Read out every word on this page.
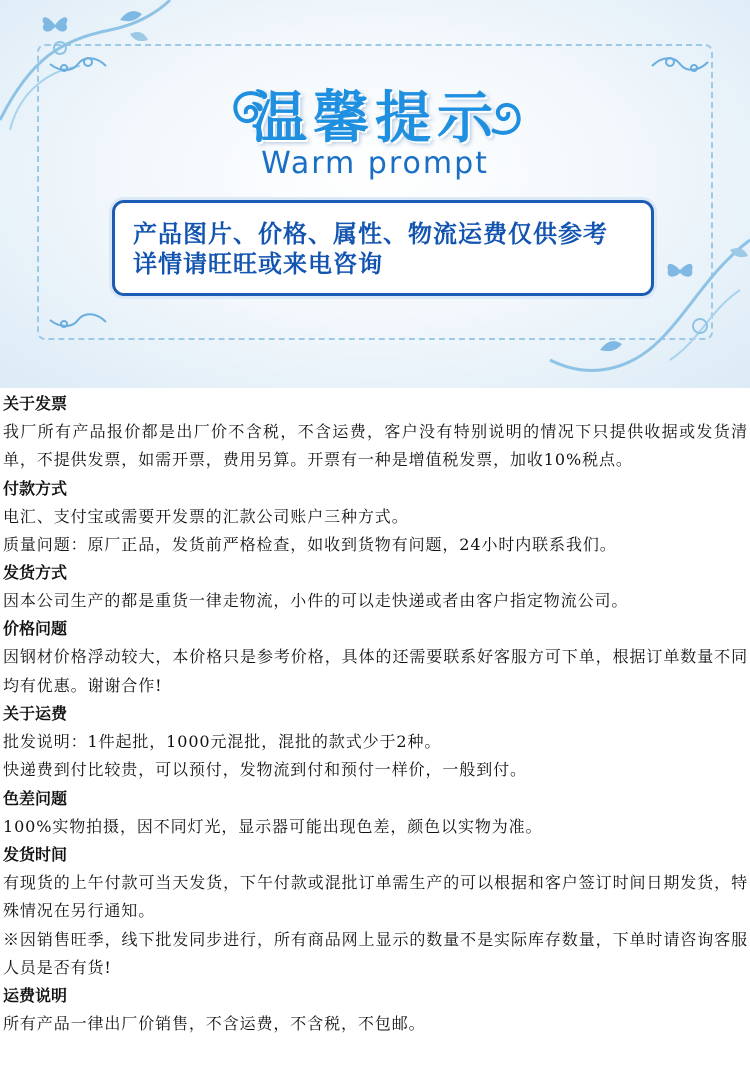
温馨提示
Warm prompt
产品图片、价格、属性、物流运费仅供参考
详情请旺旺或来电咨询
关于发票

我厂所有产品报价都是出厂价不含税，不含运费，客户没有特别说明的情况下只提供收据或发货清单，不提供发票，如需开票，费用另算。开票有一种是增值税发票，加收10%税点。

付款方式

电汇、支付宝或需要开发票的汇款公司账户三种方式。

质量问题：原厂正品，发货前严格检查，如收到货物有问题，24小时内联系我们。

发货方式

因本公司生产的都是重货一律走物流，小件的可以走快递或者由客户指定物流公司。

价格问题

因钢材价格浮动较大，本价格只是参考价格，具体的还需要联系好客服方可下单，根据订单数量不同均有优惠。谢谢合作!

关于运费

批发说明：1件起批，1000元混批，混批的款式少于2种。

快递费到付比较贵，可以预付，发物流到付和预付一样价，一般到付。

色差问题

100%实物拍摄，因不同灯光，显示器可能出现色差，颜色以实物为准。

发货时间

有现货的上午付款可当天发货，下午付款或混批订单需生产的可以根据和客户签订时间日期发货，特殊情况在另行通知。

※因销售旺季，线下批发同步进行，所有商品网上显示的数量不是实际库存数量，下单时请咨询客服人员是否有货!

运费说明

所有产品一律出厂价销售，不含运费，不含税，不包邮。
